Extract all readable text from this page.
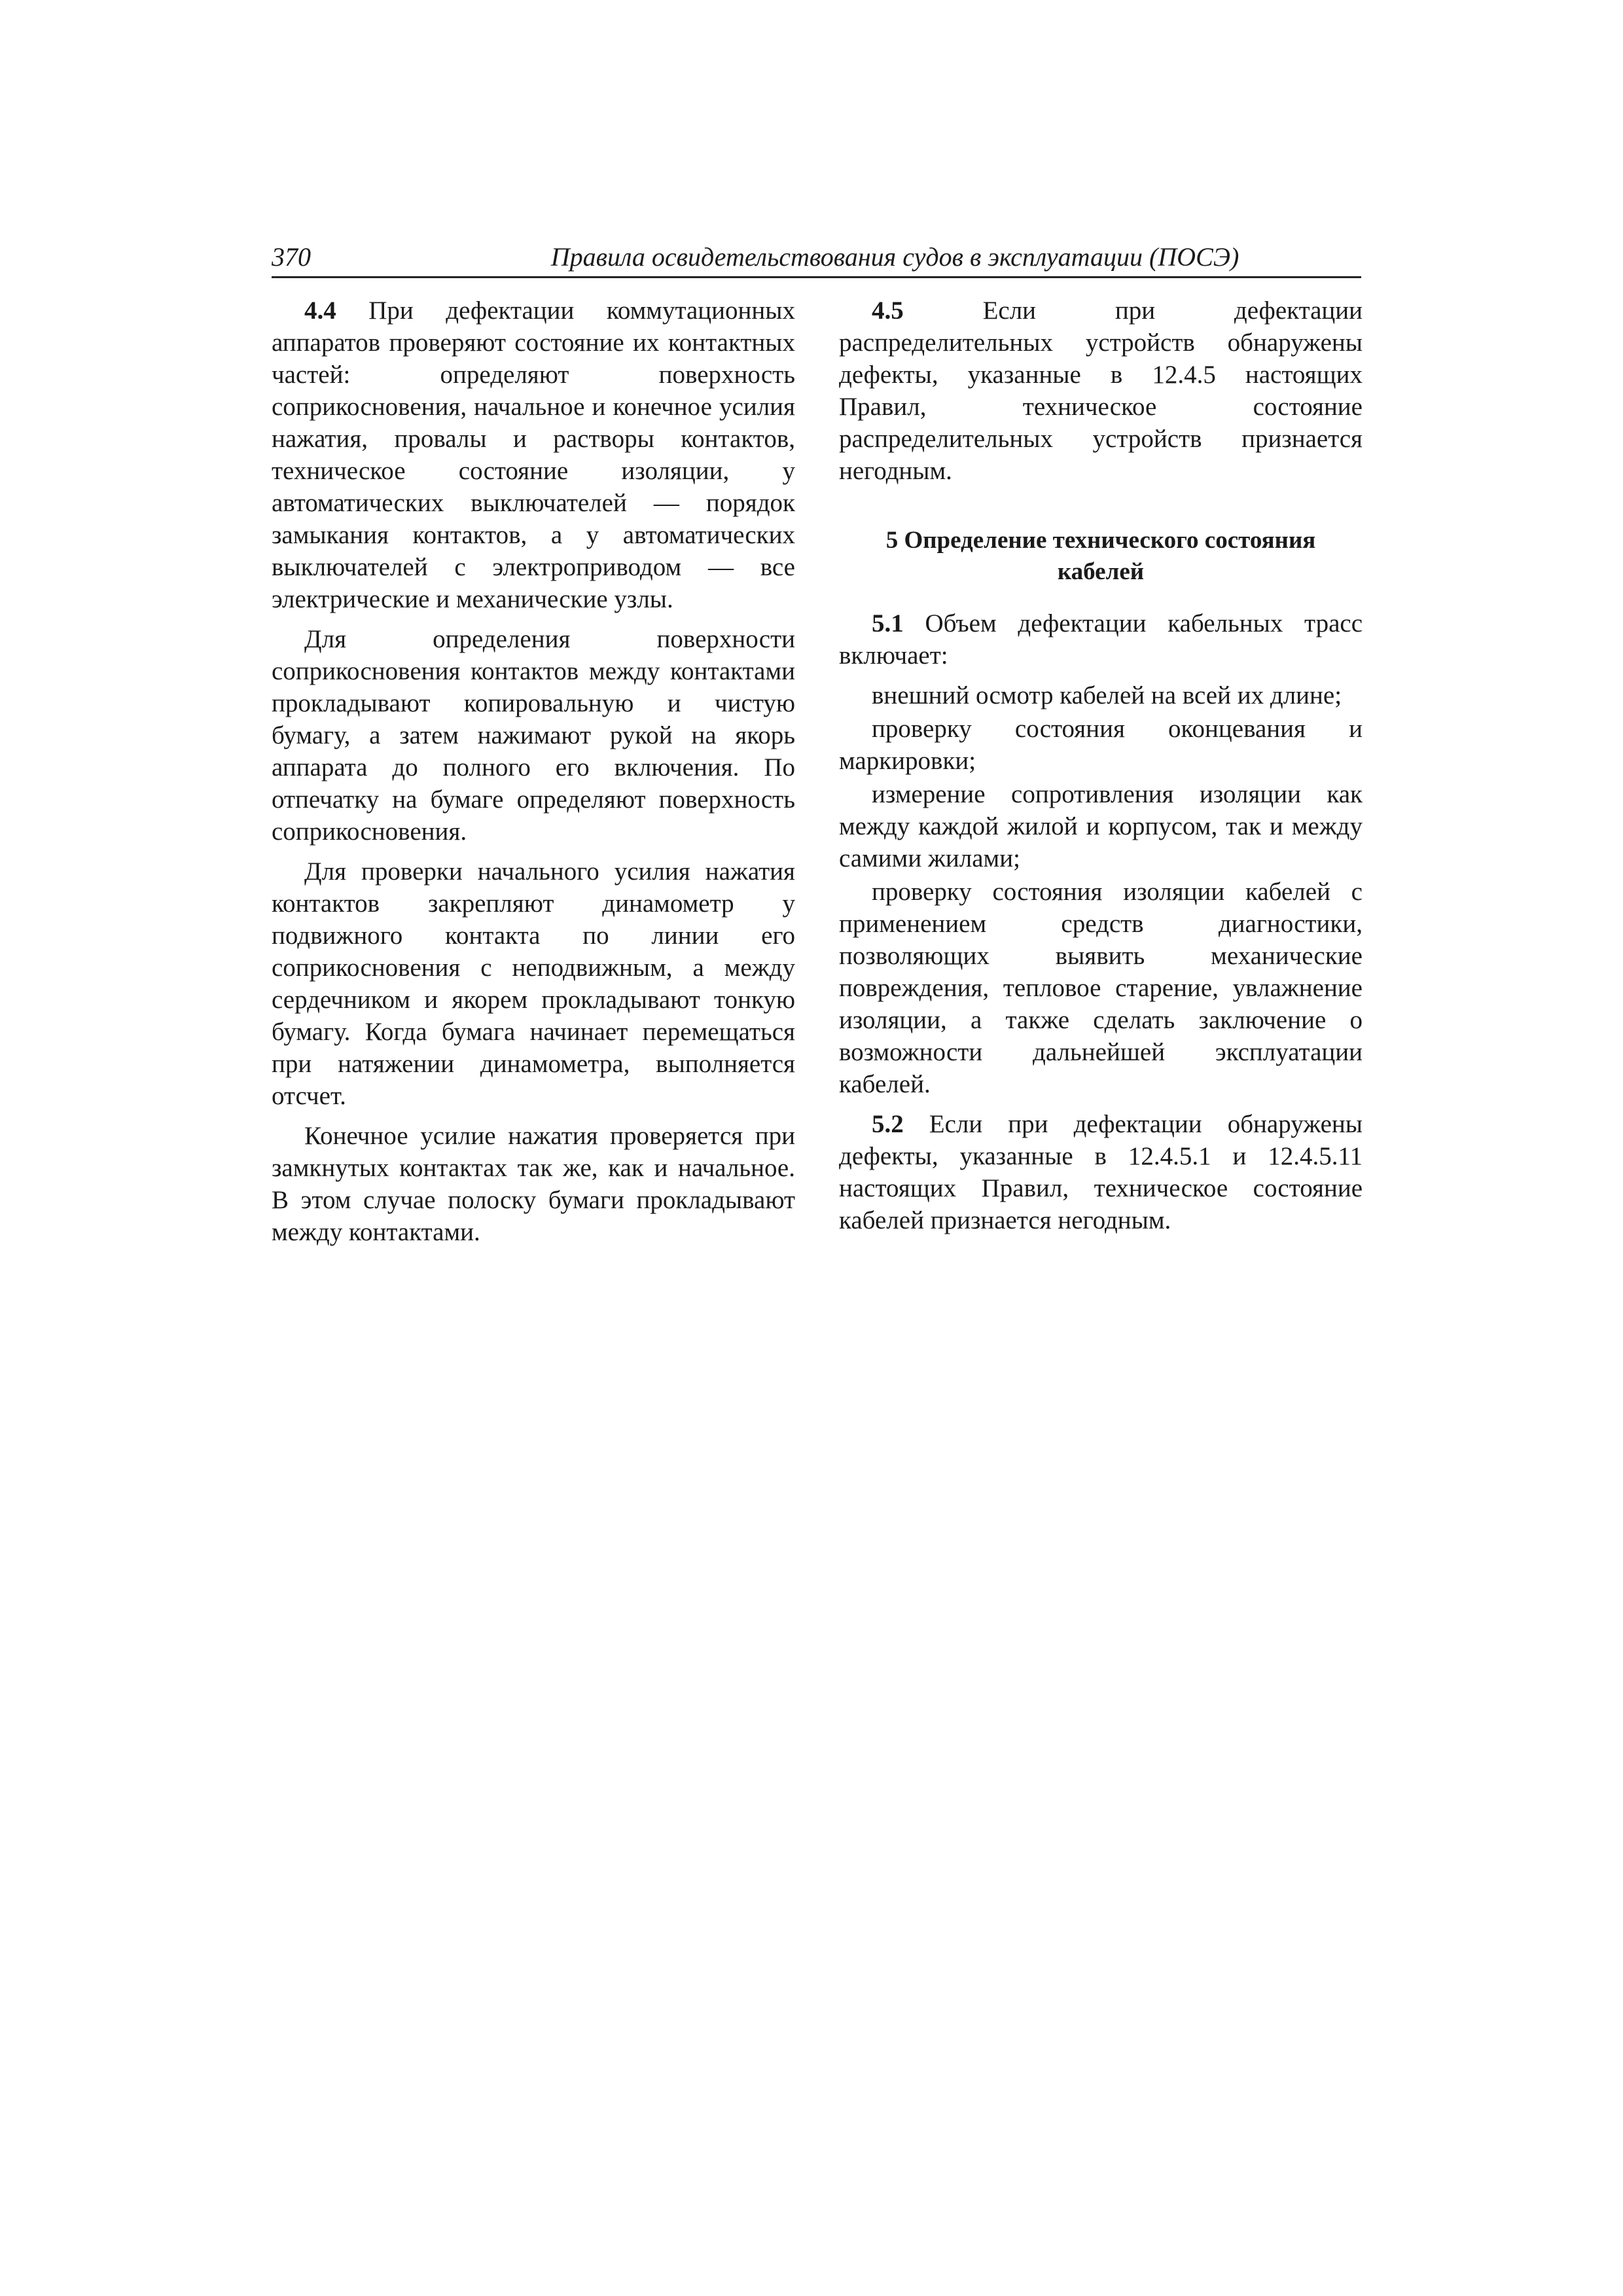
370	Правила освидетельствования судов в эксплуатации (ПОСЭ)

4.4 При дефектации коммутационных аппаратов проверяют состояние их контактных частей: определяют поверхность соприкосновения, начальное и конечное усилия нажатия, провалы и растворы контактов, техническое состояние изоляции, у автоматических выключателей — порядок замыкания контактов, а у автоматических выключателей с электроприводом — все электрические и механические узлы.

Для определения поверхности соприкосновения контактов между контактами прокладывают копировальную и чистую бумагу, а затем нажимают рукой на якорь аппарата до полного его включения. По отпечатку на бумаге определяют поверхность соприкосновения.

Для проверки начального усилия нажатия контактов закрепляют динамометр у подвижного контакта по линии его соприкосновения с неподвижным, а между сердечником и якорем прокладывают тонкую бумагу. Когда бумага начинает перемещаться при натяжении динамометра, выполняется отсчет.

Конечное усилие нажатия проверяется при замкнутых контактах так же, как и начальное. В этом случае полоску бумаги прокладывают между контактами.

4.5	Если при дефектации распределительных устройств обнаружены дефекты, указанные в 12.4.5 настоящих Правил, техническое состояние распределительных устройств признается негодным.

5 Определение технического состояния
кабелей

5.1 Объем дефектации кабельных трасс включает:

внешний осмотр кабелей на всей их длине;

проверку состояния оконцевания и маркировки;

измерение сопротивления изоляции как между каждой жилой и корпусом, так и между самими жилами;

проверку состояния изоляции кабелей с применением средств диагностики, позволяющих выявить механические повреждения, тепловое старение, увлажнение изоляции, а также сделать заключение о возможности дальнейшей эксплуатации кабелей.

5.2 Если при дефектации обнаружены дефекты, указанные в 12.4.5.1 и 12.4.5.11 настоящих Правил, техническое состояние кабелей признается негодным.
